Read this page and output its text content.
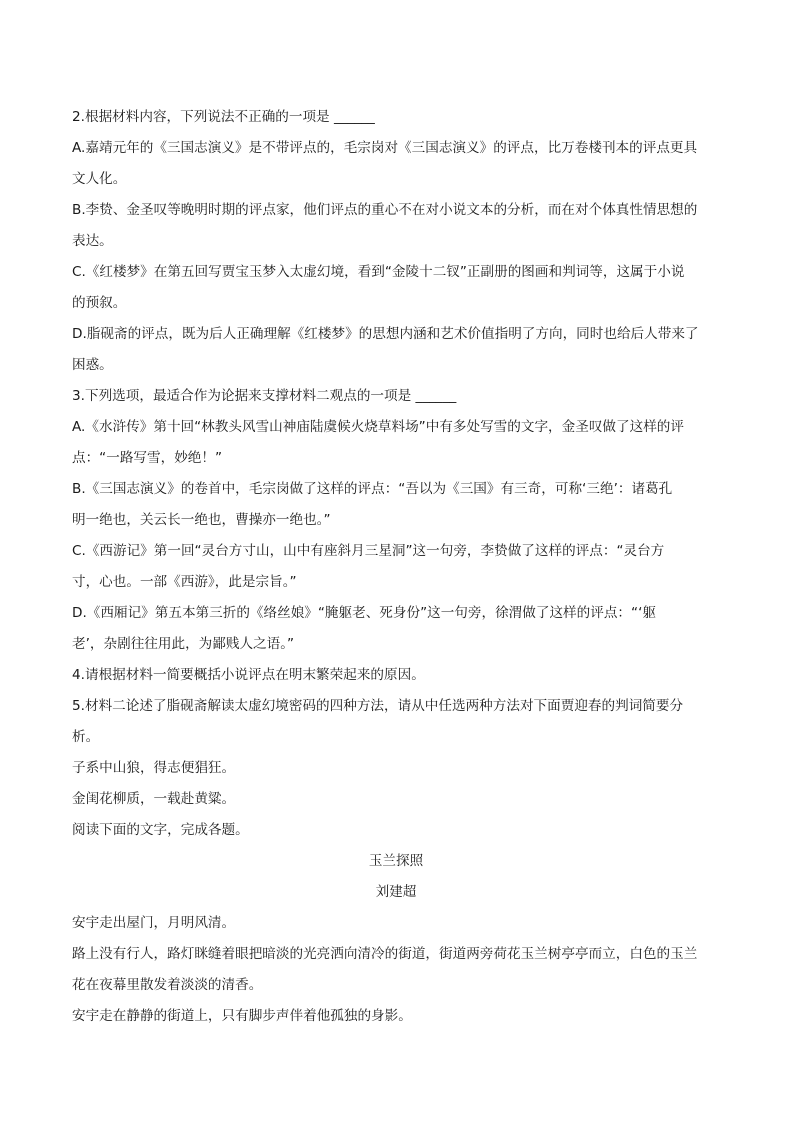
2.根据材料内容，下列说法不正确的一项是 ______
A.嘉靖元年的《三国志演义》是不带评点的，毛宗岗对《三国志演义》的评点，比万卷楼刊本的评点更具
文人化。
B.李贽、金圣叹等晚明时期的评点家，他们评点的重心不在对小说文本的分析，而在对个体真性情思想的
表达。
C.《红楼梦》在第五回写贾宝玉梦入太虚幻境，看到“金陵十二钗”正副册的图画和判词等，这属于小说
的预叙。
D.脂砚斋的评点，既为后人正确理解《红楼梦》的思想内涵和艺术价值指明了方向，同时也给后人带来了
困惑。
3.下列选项，最适合作为论据来支撑材料二观点的一项是 ______
A.《水浒传》第十回“林教头风雪山神庙陆虞候火烧草料场”中有多处写雪的文字，金圣叹做了这样的评
点：“一路写雪，妙绝！”
B.《三国志演义》的卷首中，毛宗岗做了这样的评点：“吾以为《三国》有三奇，可称‘三绝’：诸葛孔
明一绝也，关云长一绝也，曹操亦一绝也。”
C.《西游记》第一回“灵台方寸山，山中有座斜月三星洞”这一句旁，李贽做了这样的评点：“灵台方
寸，心也。一部《西游》，此是宗旨。”
D.《西厢记》第五本第三折的《络丝娘》“腌躯老、死身份”这一句旁，徐渭做了这样的评点：“‘躯
老’，杂剧往往用此，为鄙贱人之语。”
4.请根据材料一简要概括小说评点在明末繁荣起来的原因。
5.材料二论述了脂砚斋解读太虚幻境密码的四种方法，请从中任选两种方法对下面贾迎春的判词简要分
析。
子系中山狼，得志便猖狂。
金闺花柳质，一载赴黄粱。
阅读下面的文字，完成各题。
玉兰探照
刘建超
安宇走出屋门，月明风清。
路上没有行人，路灯眯缝着眼把暗淡的光亮洒向清冷的街道，街道两旁荷花玉兰树亭亭而立，白色的玉兰
花在夜幕里散发着淡淡的清香。
安宇走在静静的街道上，只有脚步声伴着他孤独的身影。
